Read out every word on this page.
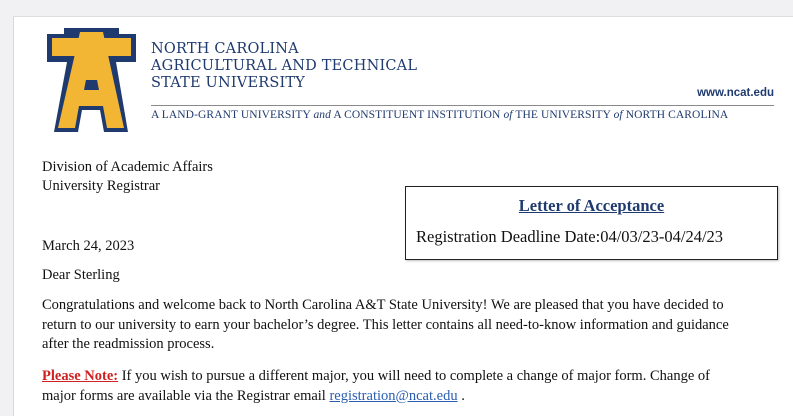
NORTH CAROLINA
AGRICULTURAL AND TECHNICAL
STATE UNIVERSITY
www.ncat.edu
A LAND-GRANT UNIVERSITY and A CONSTITUENT INSTITUTION of THE UNIVERSITY of NORTH CAROLINA
Division of Academic Affairs
University Registrar
Letter of Acceptance
Registration Deadline Date:04/03/23-04/24/23
March 24, 2023
Dear Sterling

Congratulations and welcome back to North Carolina A&T State University! We are pleased that you have decided to

return to our university to earn your bachelor’s degree. This letter contains all need-to-know information and guidance

after the readmission process.

Please Note: If you wish to pursue a different major, you will need to complete a change of major form. Change of

major forms are available via the Registrar email registration@ncat.edu .
